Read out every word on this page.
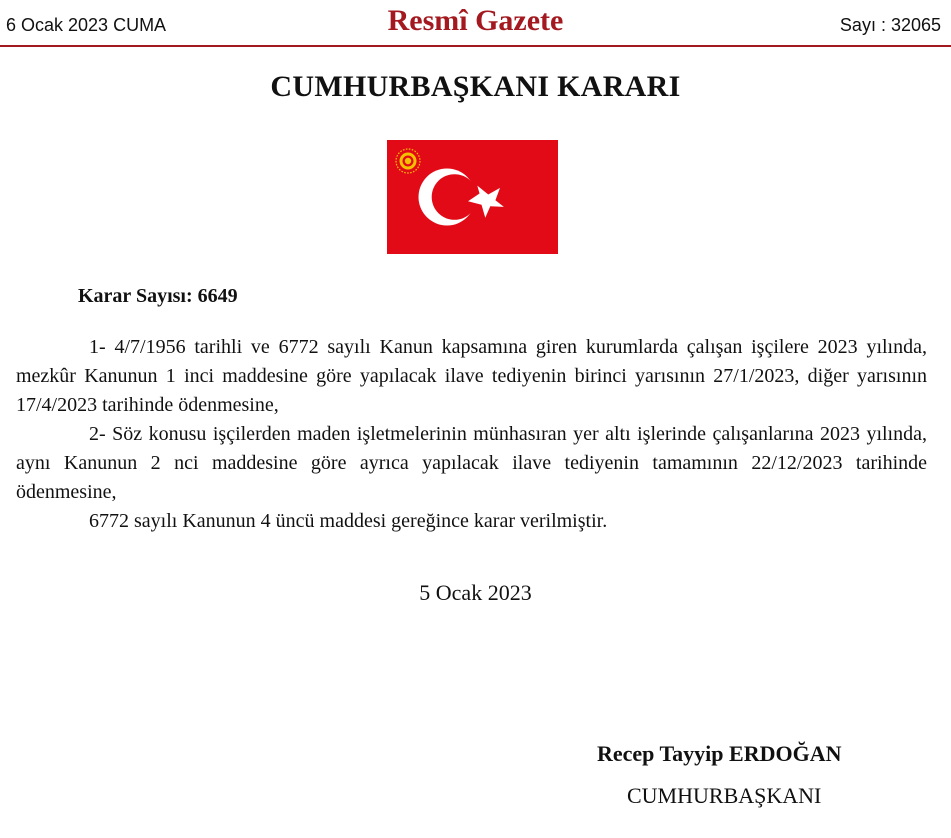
6 Ocak 2023 CUMA	Resmî Gazete	Sayı : 32065
CUMHURBAŞKANI KARARI
Karar Sayısı: 6649

1- 4/7/1956 tarihli ve 6772 sayılı Kanun kapsamına giren kurumlarda çalışan işçilere 2023 yılında, mezkûr Kanunun 1 inci maddesine göre yapılacak ilave tediyenin birinci yarısının 27/1/2023, diğer yarısının 17/4/2023 tarihinde ödenmesine,

2- Söz konusu işçilerden maden işletmelerinin münhasıran yer altı işlerinde çalışanlarına 2023 yılında, aynı Kanunun 2 nci maddesine göre ayrıca yapılacak ilave tediyenin tamamının 22/12/2023 tarihinde ödenmesine,

6772 sayılı Kanunun 4 üncü maddesi gereğince karar verilmiştir.

5 Ocak 2023
Recep Tayyip ERDOĞAN
CUMHURBAŞKANI
